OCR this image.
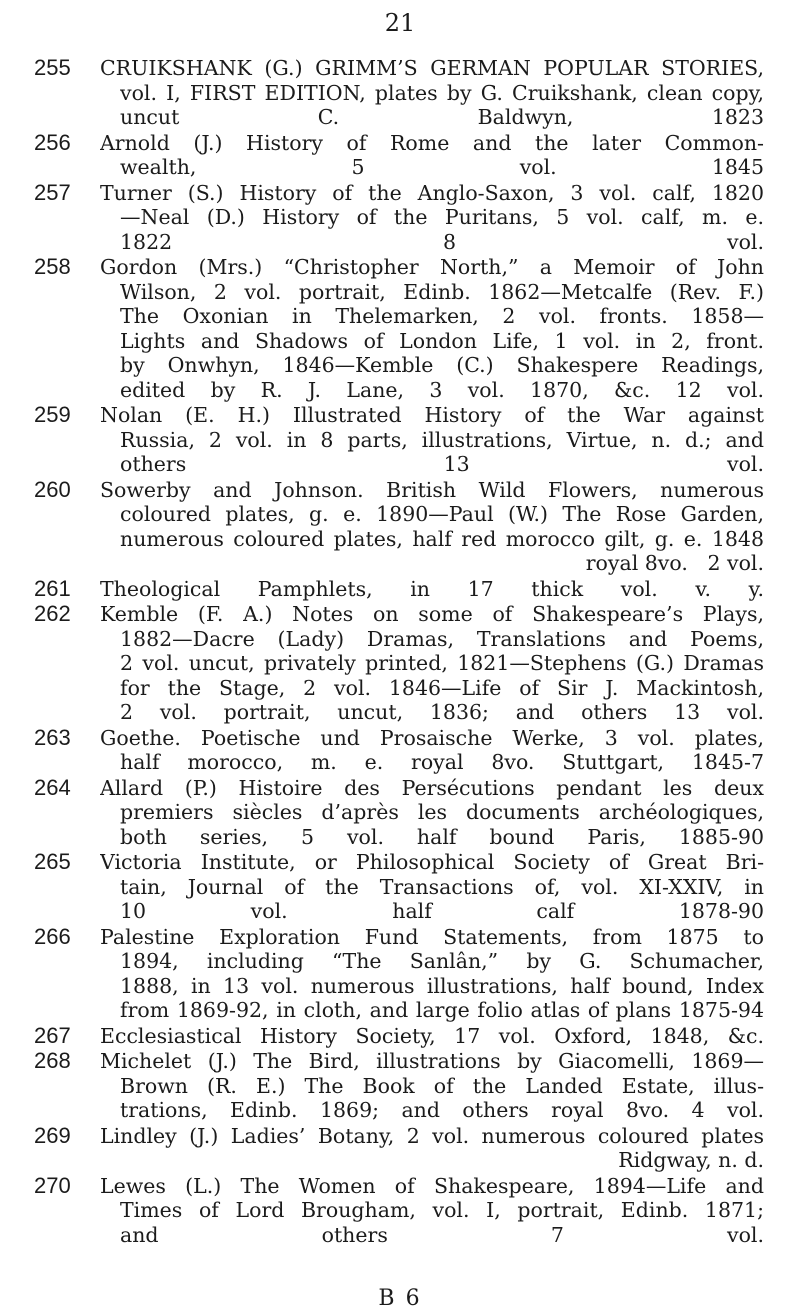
21
255	CRUIKSHANK (G.) GRIMM’S GERMAN POPULAR STORIES,
vol. I, FIRST EDITION, plates by G. Cruikshank, clean copy,
uncut C. Baldwyn, 1823
256	Arnold (J.) History of Rome and the later Common-
wealth, 5 vol. 1845
257	Turner (S.) History of the Anglo-Saxon, 3 vol. calf, 1820
—Neal (D.) History of the Puritans, 5 vol. calf, m. e.
1822 8 vol.
258	Gordon (Mrs.) “Christopher North,” a Memoir of John
Wilson, 2 vol. portrait, Edinb. 1862—Metcalfe (Rev. F.)
The Oxonian in Thelemarken, 2 vol. fronts. 1858—
Lights and Shadows of London Life, 1 vol. in 2, front.
by Onwhyn, 1846—Kemble (C.) Shakespere Readings,
edited by R. J. Lane, 3 vol. 1870, &c. 12 vol.
259	Nolan (E. H.) Illustrated History of the War against
Russia, 2 vol. in 8 parts, illustrations, Virtue, n. d.; and
others 13 vol.
260	Sowerby and Johnson. British Wild Flowers, numerous
coloured plates, g. e. 1890—Paul (W.) The Rose Garden,
numerous coloured plates, half red morocco gilt, g. e. 1848
royal 8vo.   2 vol.
261	Theological Pamphlets, in 17 thick vol. v. y.
262	Kemble (F. A.) Notes on some of Shakespeare’s Plays,
1882—Dacre (Lady) Dramas, Translations and Poems,
2 vol. uncut, privately printed, 1821—Stephens (G.) Dramas
for the Stage, 2 vol. 1846—Life of Sir J. Mackintosh,
2 vol. portrait, uncut, 1836; and others 13 vol.
263	Goethe. Poetische und Prosaische Werke, 3 vol. plates,
half morocco, m. e. royal 8vo. Stuttgart, 1845-7
264	Allard (P.) Histoire des Persécutions pendant les deux
premiers siècles d’après les documents archéologiques,
both series, 5 vol. half bound Paris, 1885-90
265	Victoria Institute, or Philosophical Society of Great Bri-
tain, Journal of the Transactions of, vol. XI-XXIV, in
10 vol. half calf 1878-90
266	Palestine Exploration Fund Statements, from 1875 to
1894, including “The Sanlân,” by G. Schumacher,
1888, in 13 vol. numerous illustrations, half bound, Index
from 1869-92, in cloth, and large folio atlas of plans 1875-94
267	Ecclesiastical History Society, 17 vol. Oxford, 1848, &c.
268	Michelet (J.) The Bird, illustrations by Giacomelli, 1869—
Brown (R. E.) The Book of the Landed Estate, illus-
trations, Edinb. 1869; and others royal 8vo. 4 vol.
269	Lindley (J.) Ladies’ Botany, 2 vol. numerous coloured plates
Ridgway, n. d.
270	Lewes (L.) The Women of Shakespeare, 1894—Life and
Times of Lord Brougham, vol. I, portrait, Edinb. 1871;
and others 7 vol.
B 6
